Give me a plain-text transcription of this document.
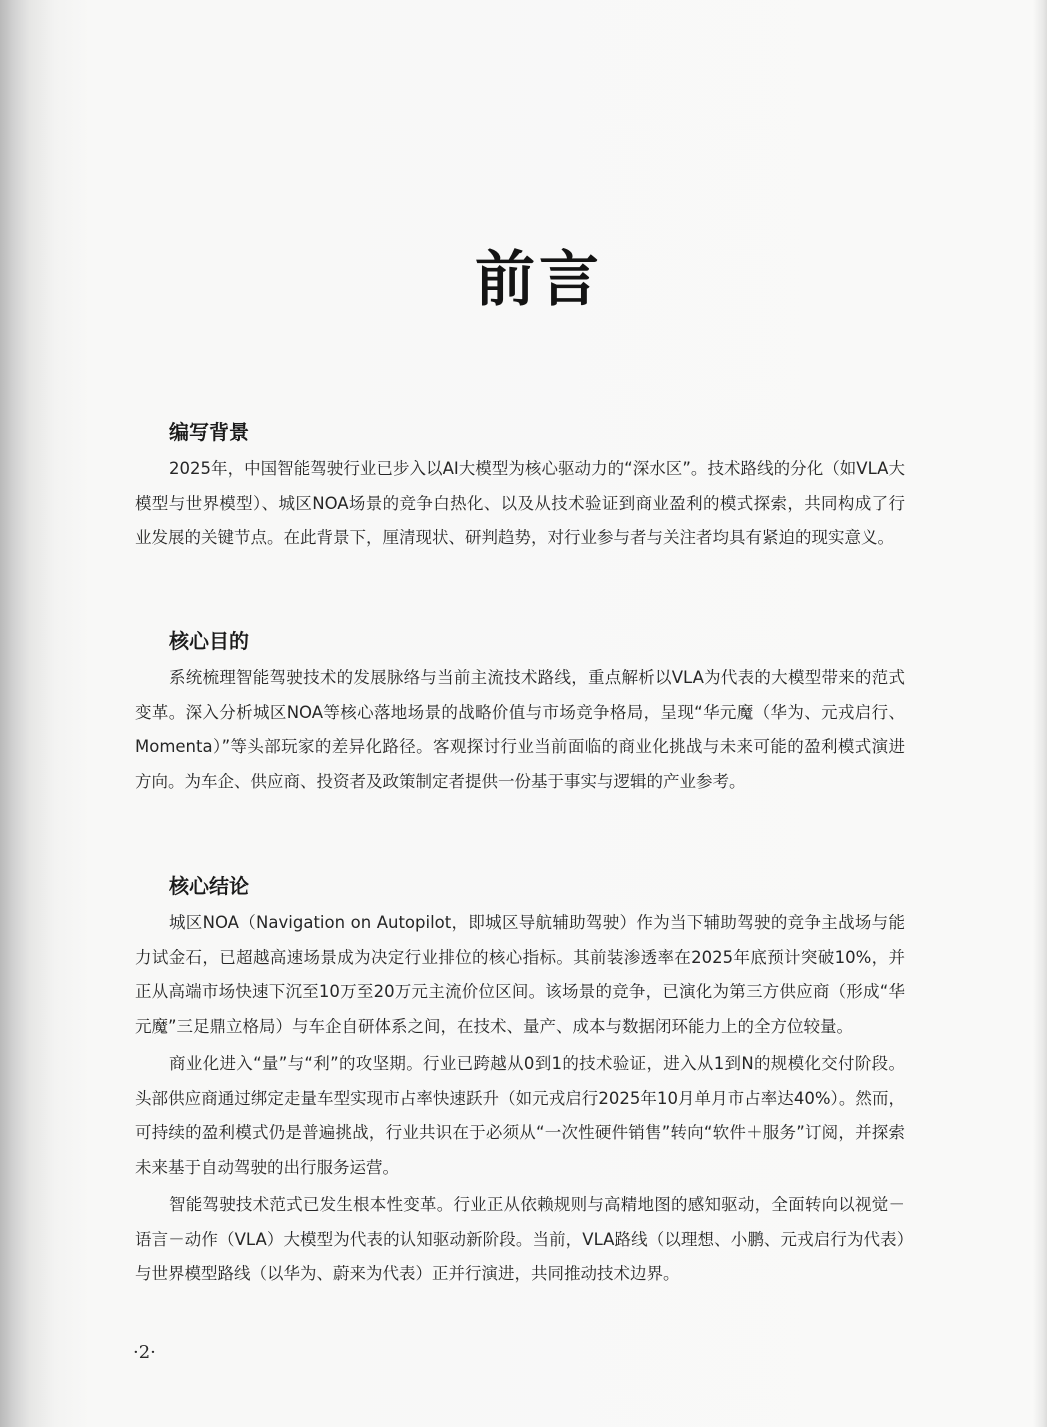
前言
编写背景

2025年，中国智能驾驶行业已步入以AI大模型为核心驱动力的“深水区”。技术路线的分化（如VLA大模型与世界模型）、城区NOA场景的竞争白热化、以及从技术验证到商业盈利的模式探索，共同构成了行业发展的关键节点。在此背景下，厘清现状、研判趋势，对行业参与者与关注者均具有紧迫的现实意义。

核心目的

系统梳理智能驾驶技术的发展脉络与当前主流技术路线，重点解析以VLA为代表的大模型带来的范式变革。深入分析城区NOA等核心落地场景的战略价值与市场竞争格局，呈现“华元魔（华为、元戎启行、Momenta）”等头部玩家的差异化路径。客观探讨行业当前面临的商业化挑战与未来可能的盈利模式演进方向。为车企、供应商、投资者及政策制定者提供一份基于事实与逻辑的产业参考。

核心结论

城区NOA（Navigation on Autopilot，即城区导航辅助驾驶）作为当下辅助驾驶的竞争主战场与能力试金石，已超越高速场景成为决定行业排位的核心指标。其前装渗透率在2025年底预计突破10%，并正从高端市场快速下沉至10万至20万元主流价位区间。该场景的竞争，已演化为第三方供应商（形成“华元魔”三足鼎立格局）与车企自研体系之间，在技术、量产、成本与数据闭环能力上的全方位较量。

商业化进入“量”与“利”的攻坚期。行业已跨越从0到1的技术验证，进入从1到N的规模化交付阶段。头部供应商通过绑定走量车型实现市占率快速跃升（如元戎启行2025年10月单月市占率达40%）。然而，可持续的盈利模式仍是普遍挑战，行业共识在于必须从“一次性硬件销售”转向“软件＋服务”订阅，并探索未来基于自动驾驶的出行服务运营。

智能驾驶技术范式已发生根本性变革。行业正从依赖规则与高精地图的感知驱动，全面转向以视觉－语言－动作（VLA）大模型为代表的认知驱动新阶段。当前，VLA路线（以理想、小鹏、元戎启行为代表）与世界模型路线（以华为、蔚来为代表）正并行演进，共同推动技术边界。

·2·
